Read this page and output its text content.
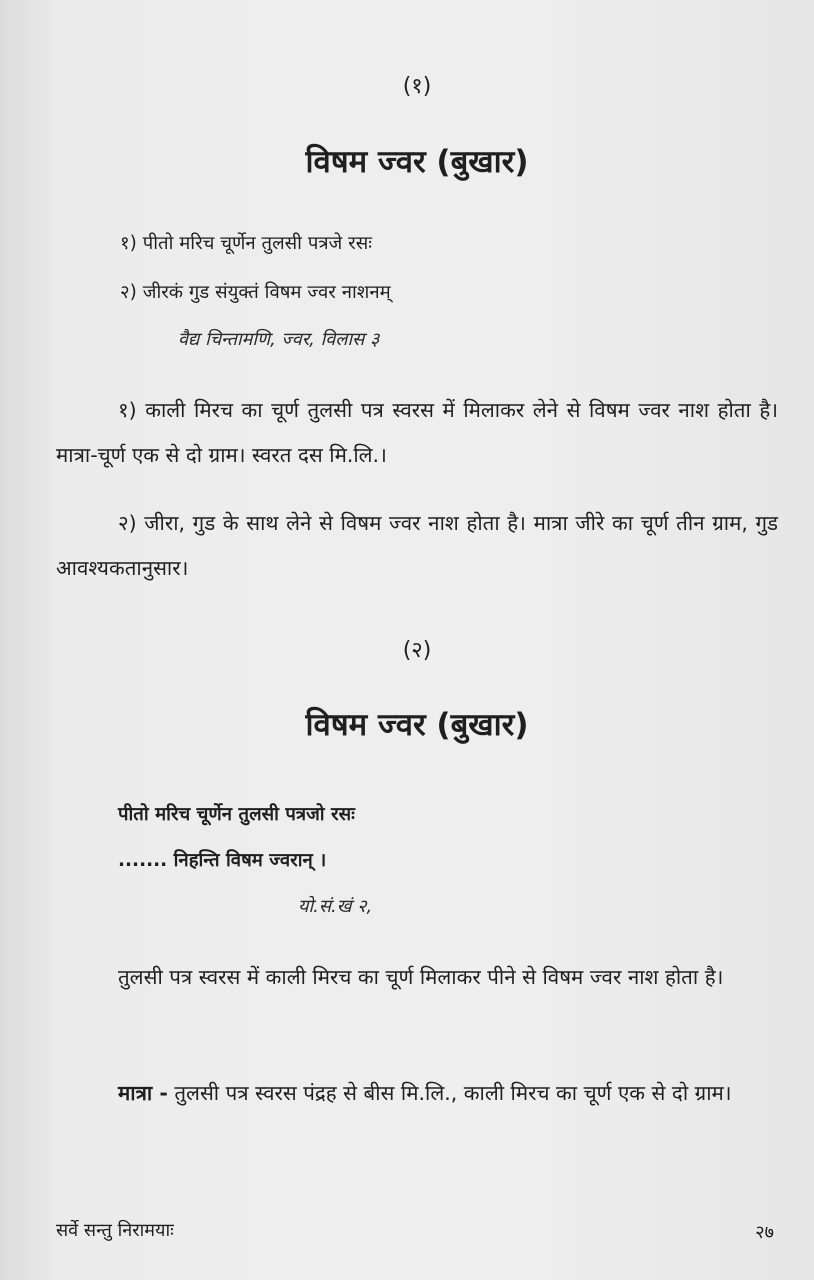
(१)
विषम ज्वर (बुखार)
१) पीतो मरिच चूर्णेन तुलसी पत्रजे रसः
२) जीरकं गुड संयुक्तं विषम ज्वर नाशनम्
वैद्य चिन्तामणि, ज्वर, विलास ३
१) काली मिरच का चूर्ण तुलसी पत्र स्वरस में मिलाकर लेने से विषम ज्वर नाश होता है। मात्रा-चूर्ण एक से दो ग्राम। स्वरत दस मि.लि.।
२) जीरा, गुड के साथ लेने से विषम ज्वर नाश होता है। मात्रा जीरे का चूर्ण तीन ग्राम, गुड आवश्यकतानुसार।
(२)
विषम ज्वर (बुखार)
पीतो मरिच चूर्णेन तुलसी पत्रजो रसः
....... निहन्ति विषम ज्वरान् ।
यो.सं.खं २,
तुलसी पत्र स्वरस में काली मिरच का चूर्ण मिलाकर पीने से विषम ज्वर नाश होता है।
मात्रा - तुलसी पत्र स्वरस पंद्रह से बीस मि.लि., काली मिरच का चूर्ण एक से दो ग्राम।
सर्वे सन्तु निरामयाः	२७
